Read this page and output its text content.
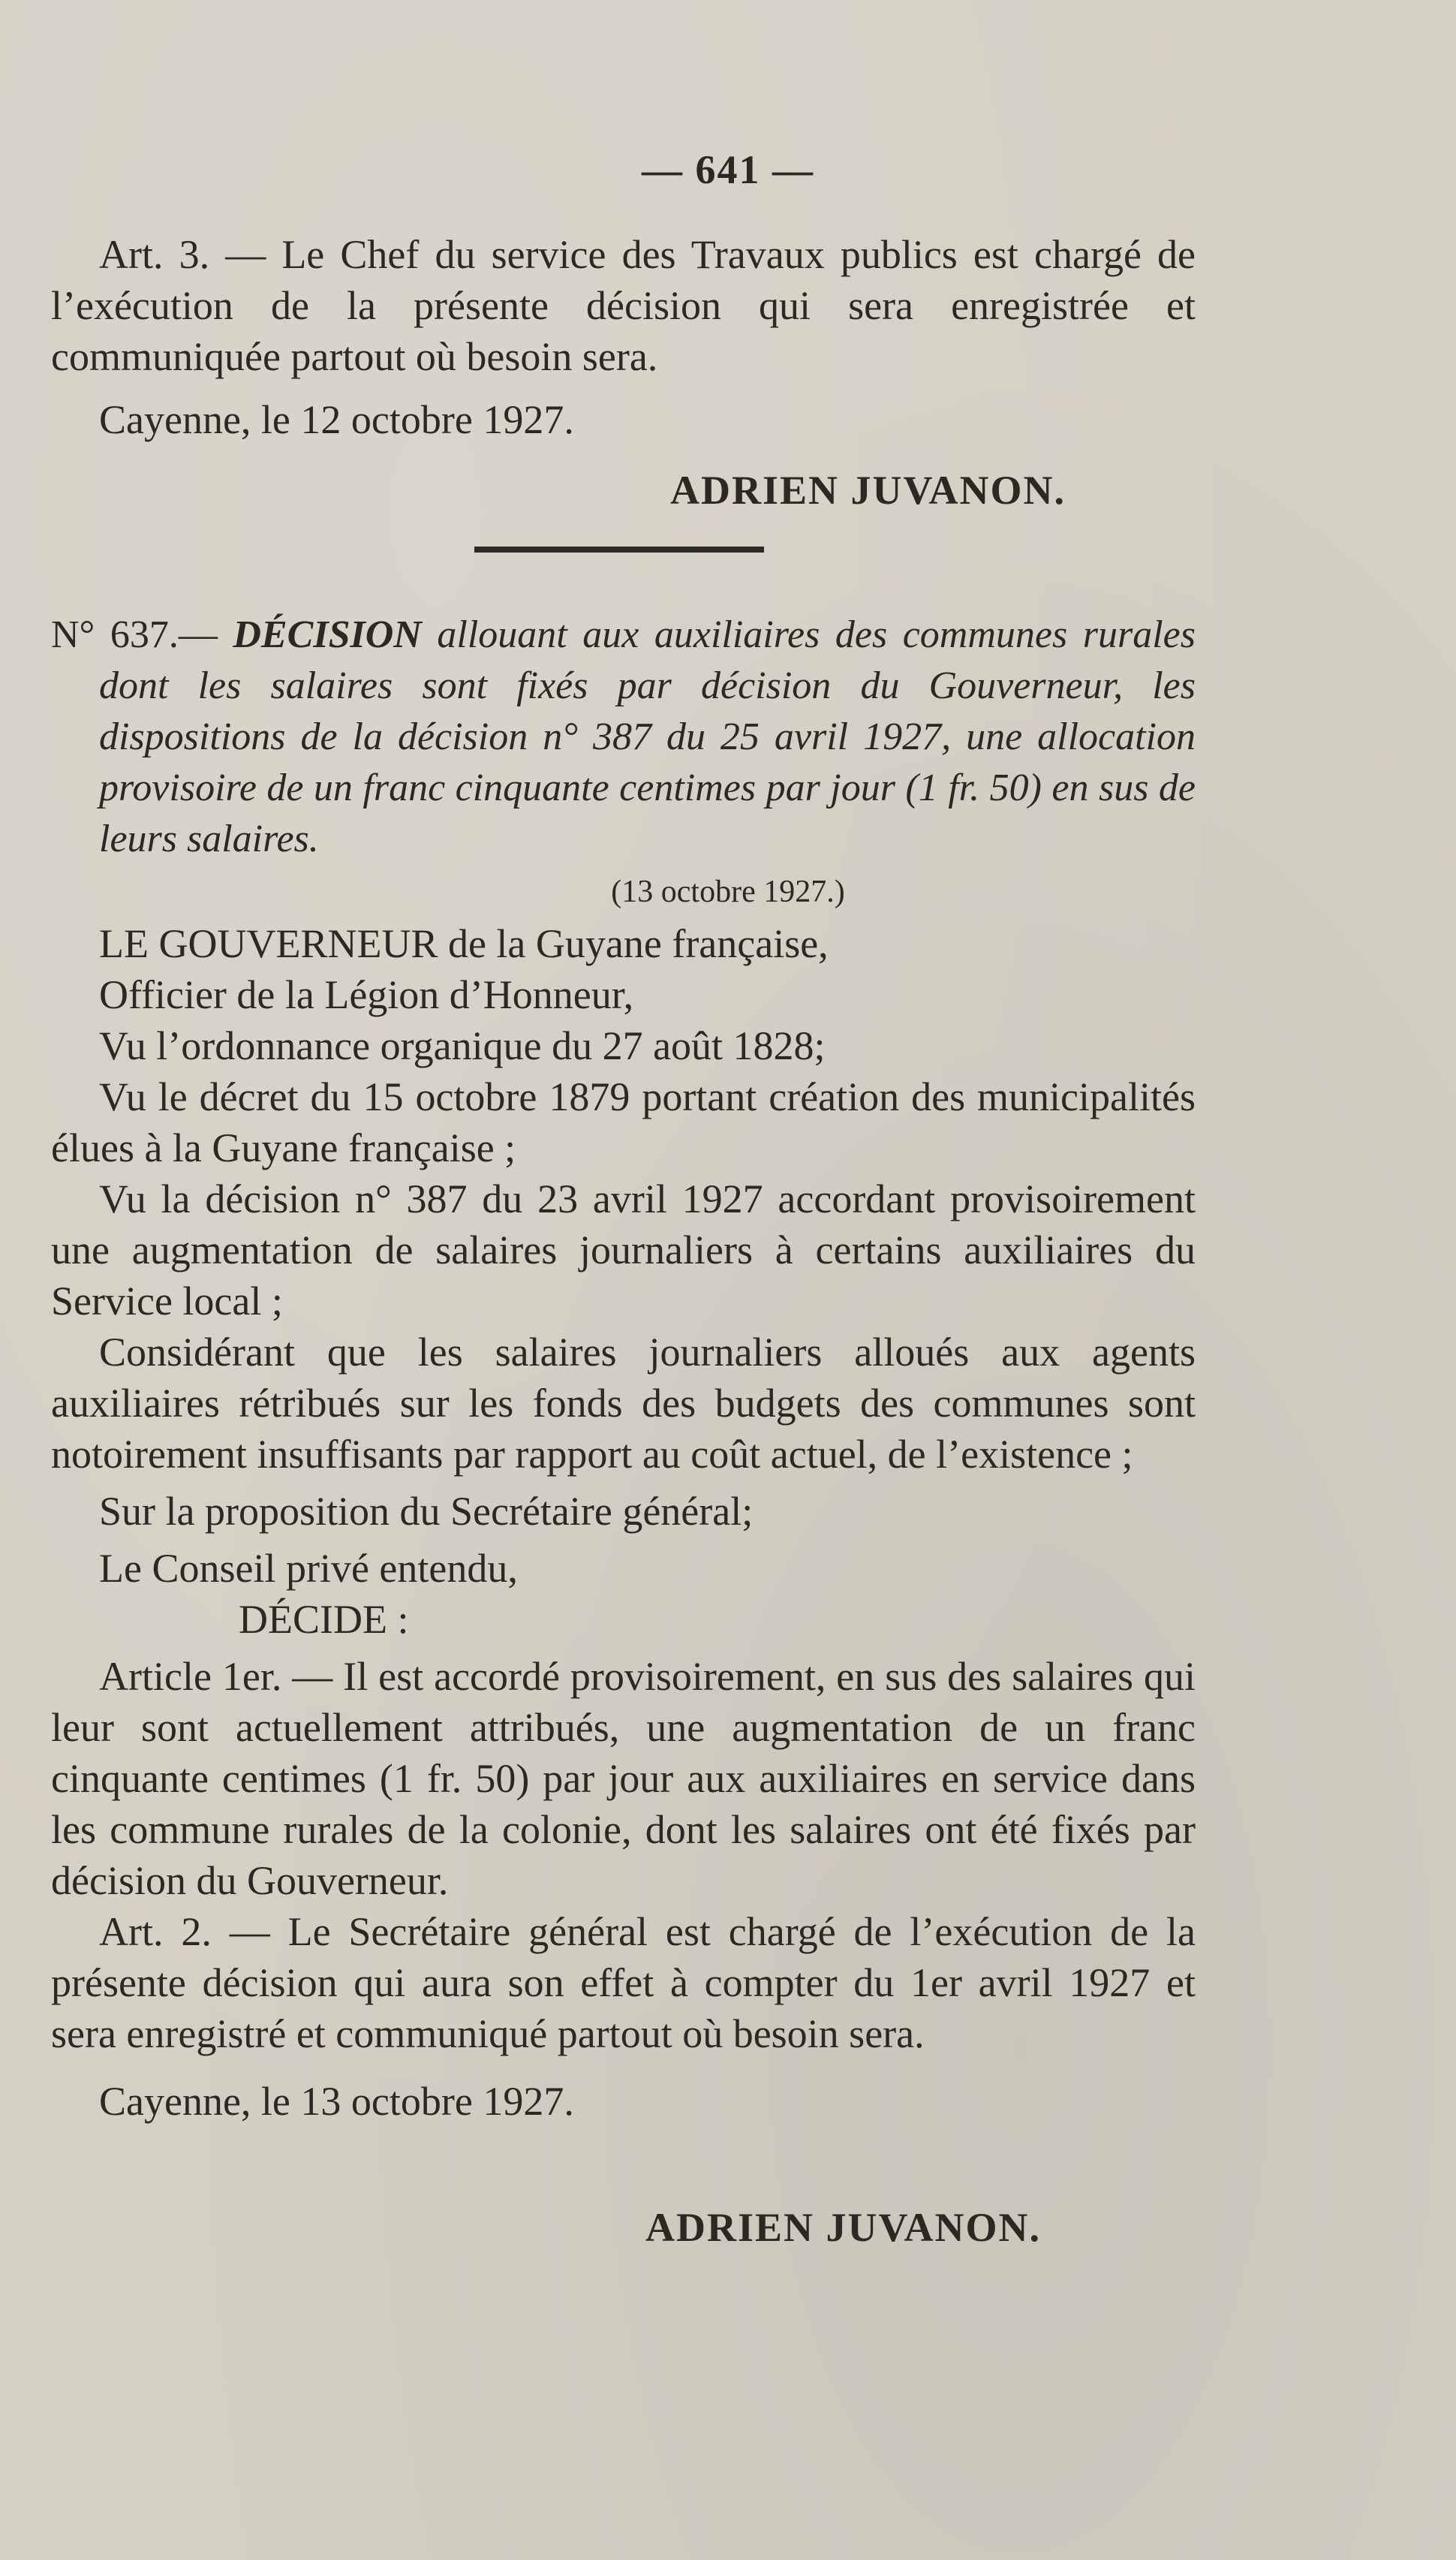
— 641 —

Art. 3. — Le Chef du service des Travaux publics est chargé de l’exécution de la présente décision qui sera enregistrée et communiquée partout où besoin sera.

Cayenne, le 12 octobre 1927.

ADRIEN JUVANON.

N° 637.— DÉCISION allouant aux auxiliaires des communes rurales dont les salaires sont fixés par décision du Gouverneur, les dispositions de la décision n° 387 du 25 avril 1927, une allocation provisoire de un franc cinquante centimes par jour (1 fr. 50) en sus de leurs salaires.

(13 octobre 1927.)

LE GOUVERNEUR de la Guyane française,

Officier de la Légion d’Honneur,

Vu l’ordonnance organique du 27 août 1828;

Vu le décret du 15 octobre 1879 portant création des municipalités élues à la Guyane française ;

Vu la décision n° 387 du 23 avril 1927 accordant provisoirement une augmentation de salaires journaliers à certains auxiliaires du Service local ;

Considérant que les salaires journaliers alloués aux agents auxiliaires rétribués sur les fonds des budgets des communes sont notoirement insuffisants par rapport au coût actuel, de l’existence ;

Sur la proposition du Secrétaire général;

Le Conseil privé entendu,

DÉCIDE :

Article 1er. — Il est accordé provisoirement, en sus des salaires qui leur sont actuellement attribués, une augmentation de un franc cinquante centimes (1 fr. 50) par jour aux auxiliaires en service dans les commune rurales de la colonie, dont les salaires ont été fixés par décision du Gouverneur.

Art. 2. — Le Secrétaire général est chargé de l’exécution de la présente décision qui aura son effet à compter du 1er avril 1927 et sera enregistré et communiqué partout où besoin sera.

Cayenne, le 13 octobre 1927.

ADRIEN JUVANON.
